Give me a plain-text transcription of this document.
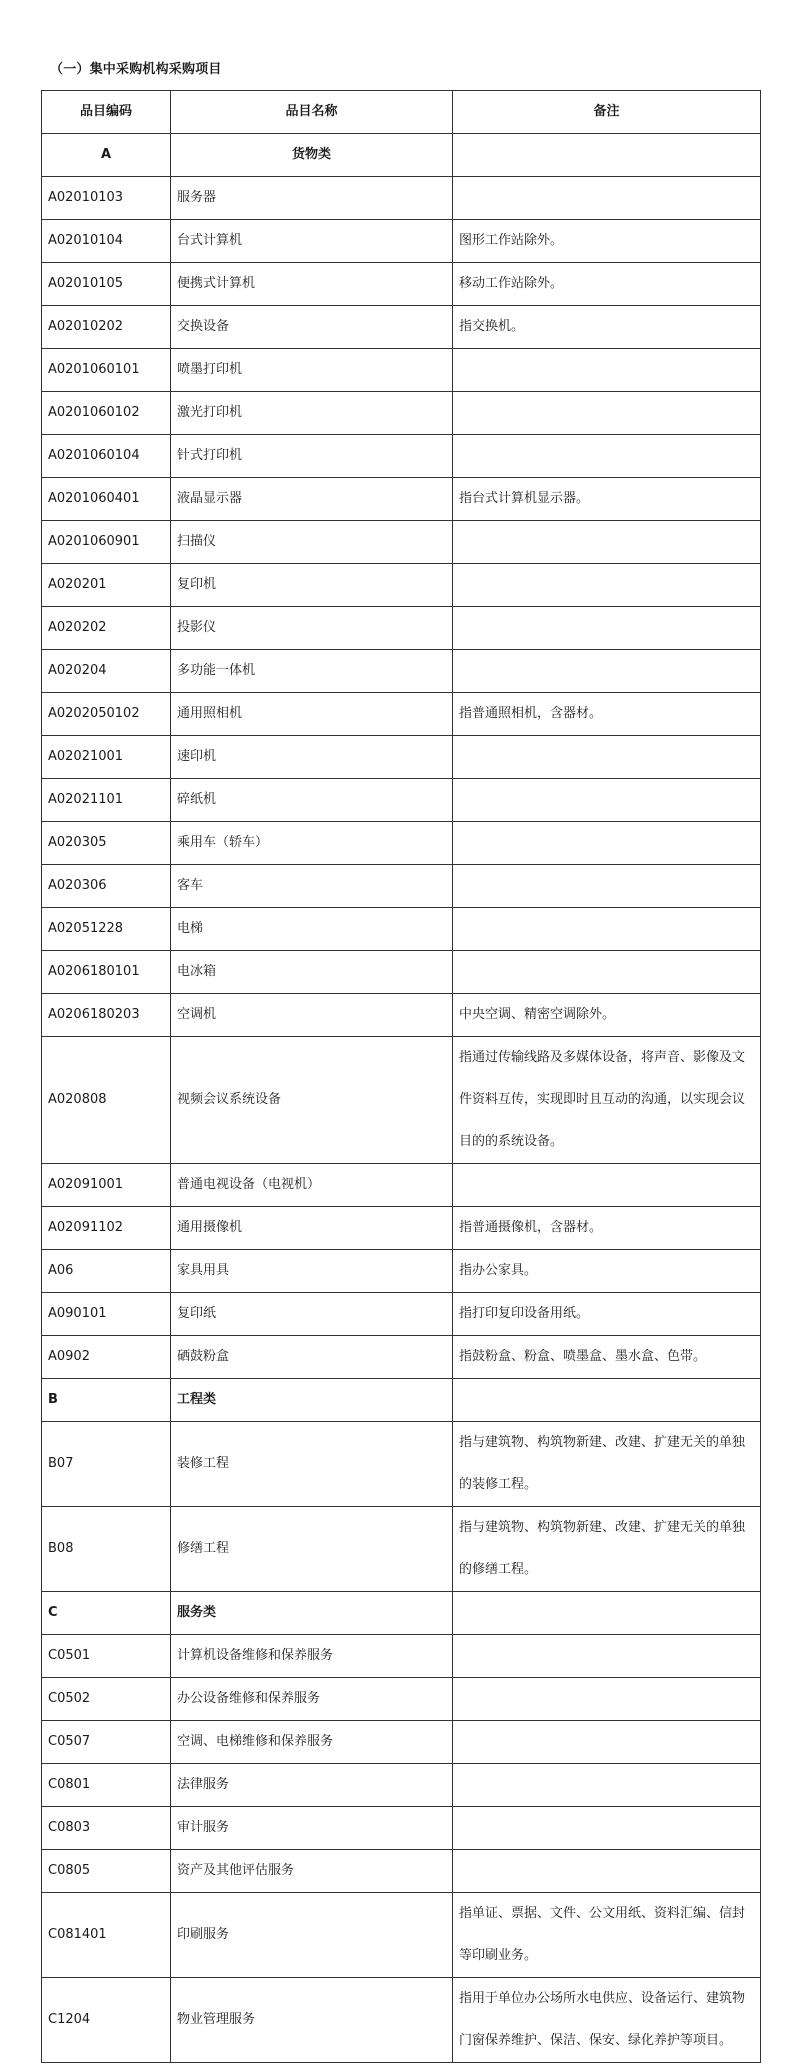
（一）集中采购机构采购项目
品目编码	品目名称	备注
A	货物类	
A02010103	服务器	
A02010104	台式计算机	图形工作站除外。
A02010105	便携式计算机	移动工作站除外。
A02010202	交换设备	指交换机。
A0201060101	喷墨打印机	
A0201060102	激光打印机	
A0201060104	针式打印机	
A0201060401	液晶显示器	指台式计算机显示器。
A0201060901	扫描仪	
A020201	复印机	
A020202	投影仪	
A020204	多功能一体机	
A0202050102	通用照相机	指普通照相机，含器材。
A02021001	速印机	
A02021101	碎纸机	
A020305	乘用车（轿车）	
A020306	客车	
A02051228	电梯	
A0206180101	电冰箱	
A0206180203	空调机	中央空调、精密空调除外。
A020808	视频会议系统设备	指通过传输线路及多媒体设备，将声音、影像及文件资料互传，实现即时且互动的沟通，以实现会议目的的系统设备。
A02091001	普通电视设备（电视机）	
A02091102	通用摄像机	指普通摄像机，含器材。
A06	家具用具	指办公家具。
A090101	复印纸	指打印复印设备用纸。
A0902	硒鼓粉盒	指鼓粉盒、粉盒、喷墨盒、墨水盒、色带。
B	工程类	
B07	装修工程	指与建筑物、构筑物新建、改建、扩建无关的单独的装修工程。
B08	修缮工程	指与建筑物、构筑物新建、改建、扩建无关的单独的修缮工程。
C	服务类	
C0501	计算机设备维修和保养服务	
C0502	办公设备维修和保养服务	
C0507	空调、电梯维修和保养服务	
C0801	法律服务	
C0803	审计服务	
C0805	资产及其他评估服务	
C081401	印刷服务	指单证、票据、文件、公文用纸、资料汇编、信封等印刷业务。
C1204	物业管理服务	指用于单位办公场所水电供应、设备运行、建筑物门窗保养维护、保洁、保安、绿化养护等项目。
